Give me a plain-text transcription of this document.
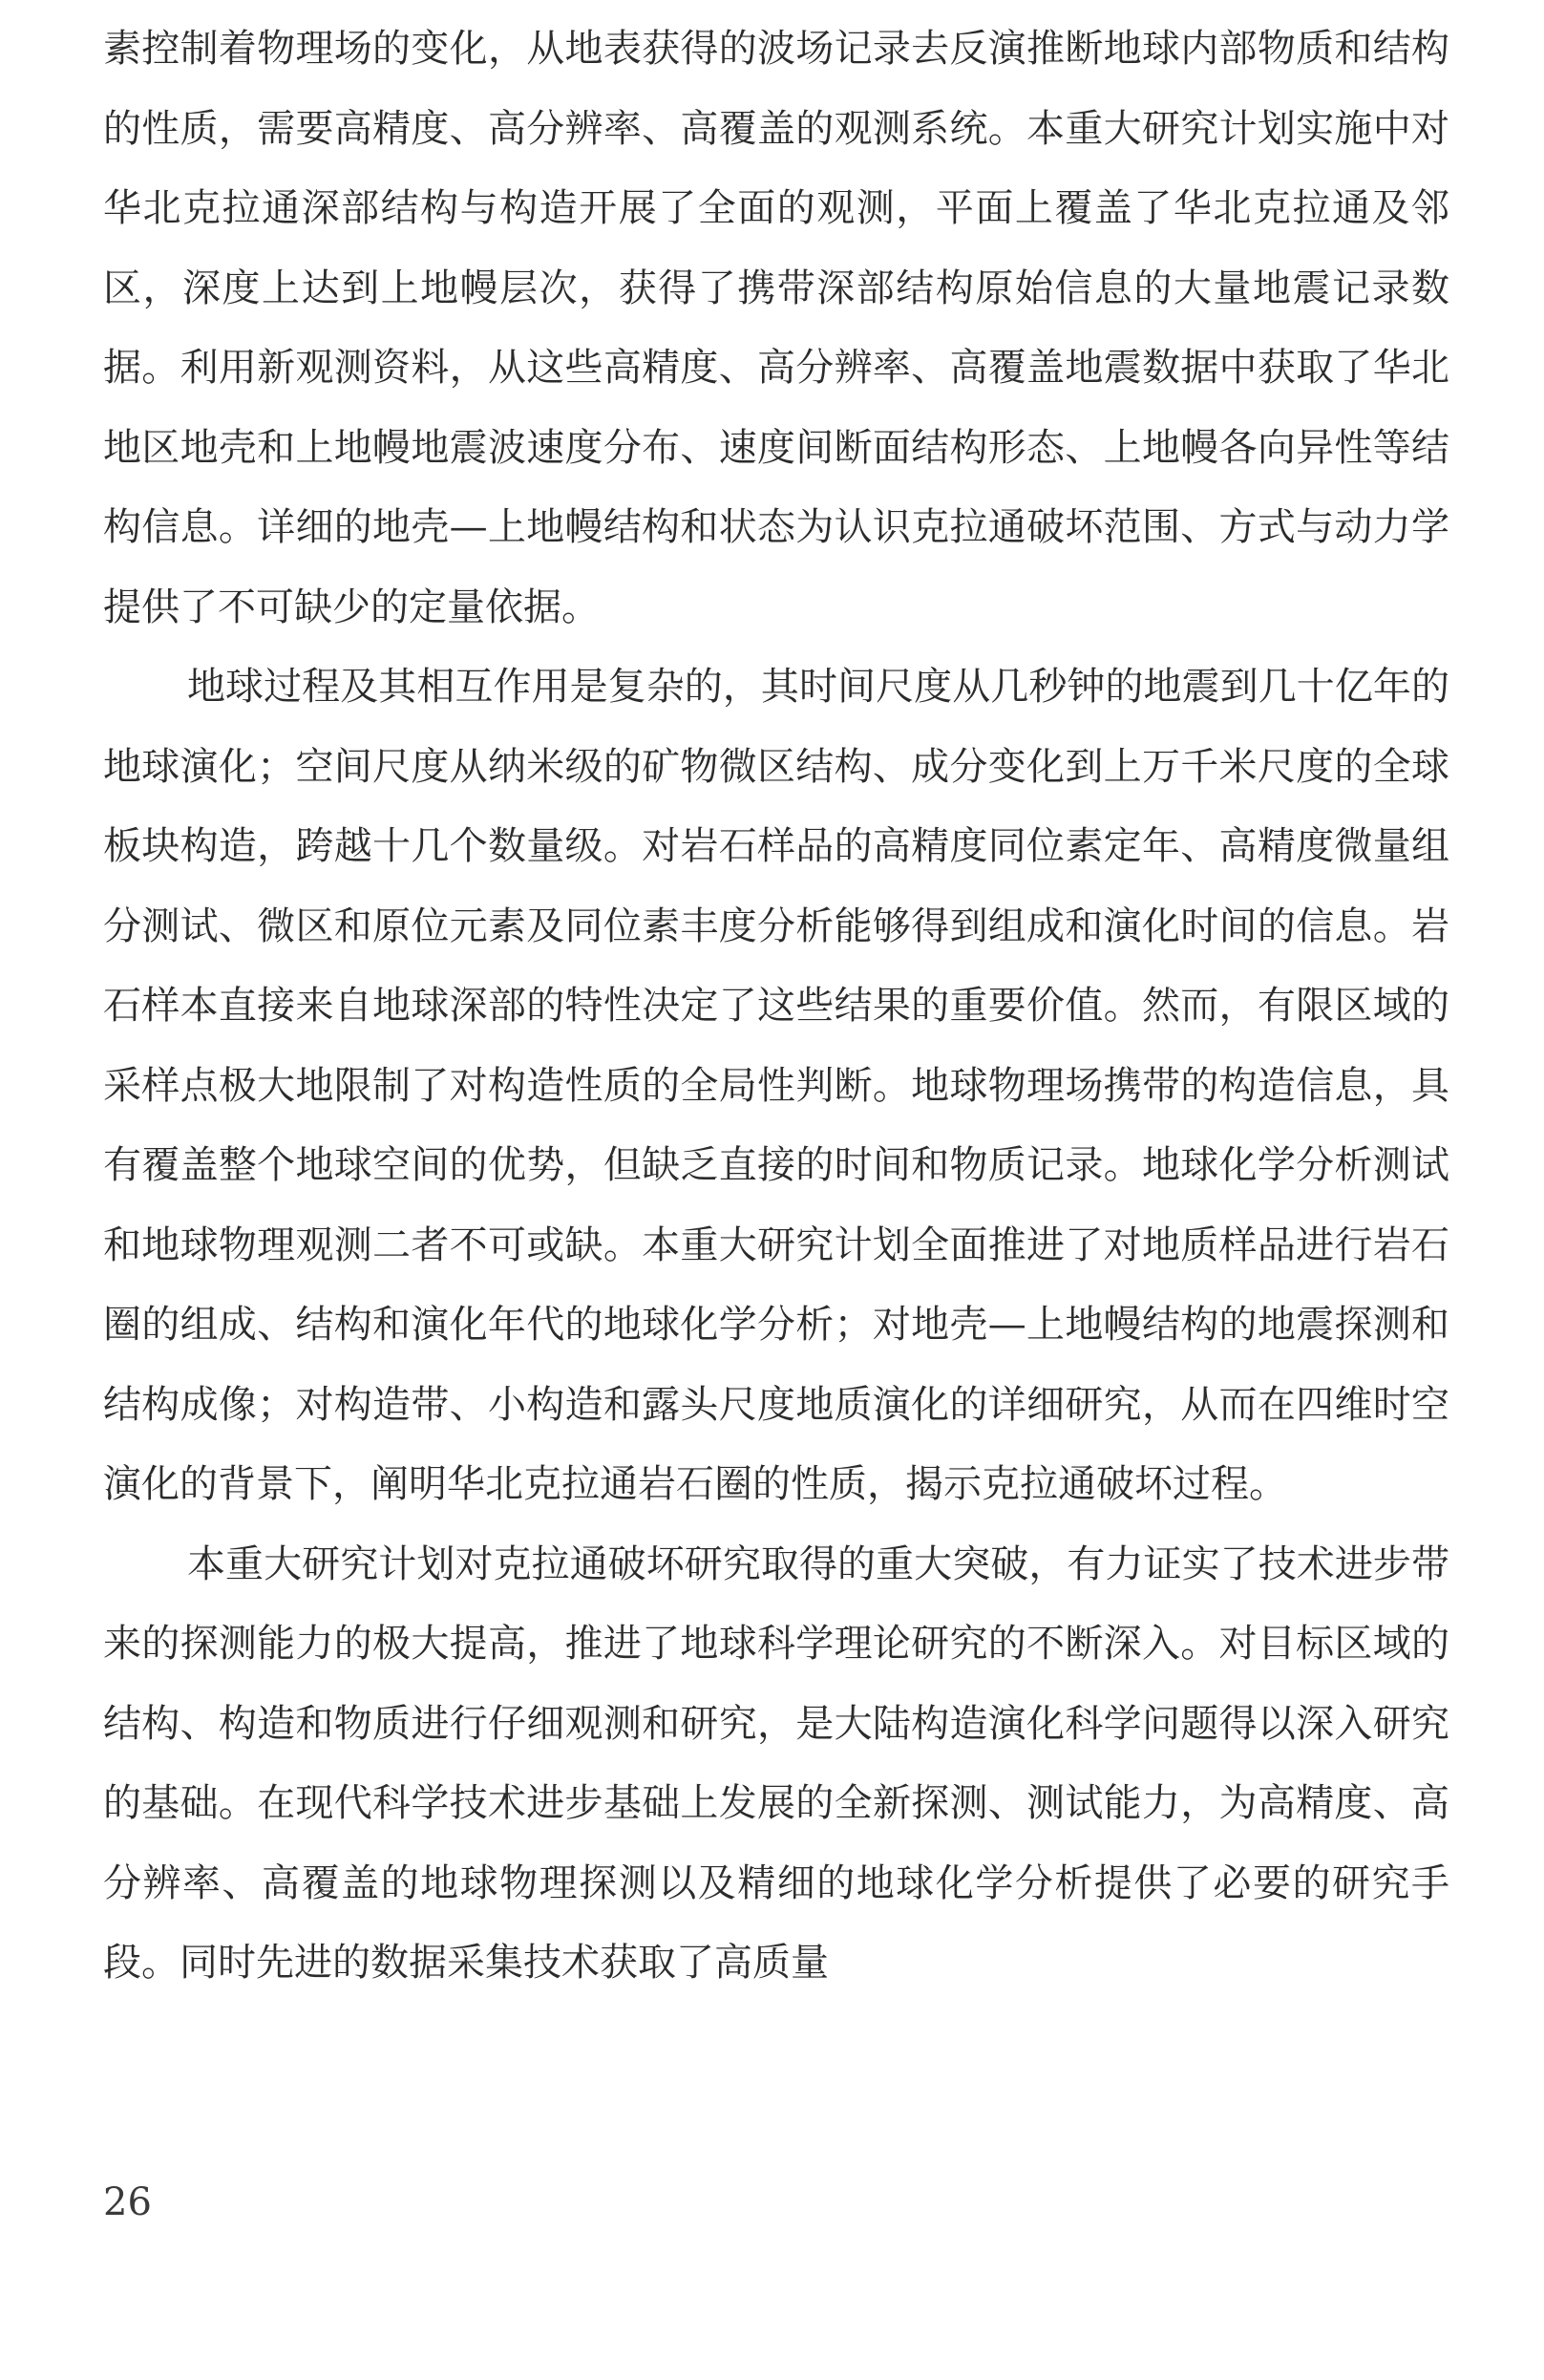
素控制着物理场的变化，从地表获得的波场记录去反演推断地球内部物质和结构的性质，需要高精度、高分辨率、高覆盖的观测系统。本重大研究计划实施中对华北克拉通深部结构与构造开展了全面的观测，平面上覆盖了华北克拉通及邻区，深度上达到上地幔层次，获得了携带深部结构原始信息的大量地震记录数据。利用新观测资料，从这些高精度、高分辨率、高覆盖地震数据中获取了华北地区地壳和上地幔地震波速度分布、速度间断面结构形态、上地幔各向异性等结构信息。详细的地壳—上地幔结构和状态为认识克拉通破坏范围、方式与动力学提供了不可缺少的定量依据。

地球过程及其相互作用是复杂的，其时间尺度从几秒钟的地震到几十亿年的地球演化；空间尺度从纳米级的矿物微区结构、成分变化到上万千米尺度的全球板块构造，跨越十几个数量级。对岩石样品的高精度同位素定年、高精度微量组分测试、微区和原位元素及同位素丰度分析能够得到组成和演化时间的信息。岩石样本直接来自地球深部的特性决定了这些结果的重要价值。然而，有限区域的采样点极大地限制了对构造性质的全局性判断。地球物理场携带的构造信息，具有覆盖整个地球空间的优势，但缺乏直接的时间和物质记录。地球化学分析测试和地球物理观测二者不可或缺。本重大研究计划全面推进了对地质样品进行岩石圈的组成、结构和演化年代的地球化学分析；对地壳—上地幔结构的地震探测和结构成像；对构造带、小构造和露头尺度地质演化的详细研究，从而在四维时空演化的背景下，阐明华北克拉通岩石圈的性质，揭示克拉通破坏过程。

本重大研究计划对克拉通破坏研究取得的重大突破，有力证实了技术进步带来的探测能力的极大提高，推进了地球科学理论研究的不断深入。对目标区域的结构、构造和物质进行仔细观测和研究，是大陆构造演化科学问题得以深入研究的基础。在现代科学技术进步基础上发展的全新探测、测试能力，为高精度、高分辨率、高覆盖的地球物理探测以及精细的地球化学分析提供了必要的研究手段。同时先进的数据采集技术获取了高质量

26
